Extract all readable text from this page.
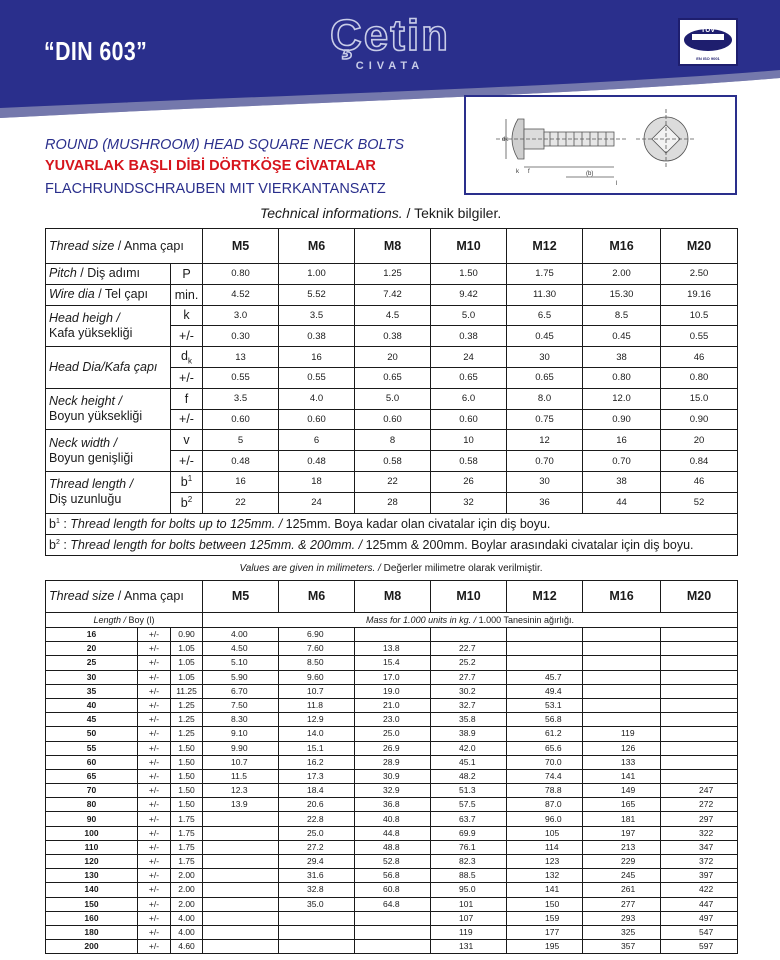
“DIN 603”	Çetin
CIVATA
TÜV
EN ISO 9001
ROUND (MUSHROOM) HEAD SQUARE NECK BOLTS
YUVARLAK BAŞLI DİBİ DÖRTKÖŞE CİVATALAR
FLACHRUNDSCHRAUBEN MIT VIERKANTANSATZ
dk
(b)
l
k f
Technical informations. / Teknik bilgiler.
Thread size / Anma çapı		M5	M6	M8	M10	M12	M16	M20
Pitch / Diş adımı	P	0.80	1.00	1.25	1.50	1.75	2.00	2.50
Wire dia / Tel çapı	min.	4.52	5.52	7.42	9.42	11.30	15.30	19.16
Head heigh /
Kafa yüksekliği	k	3.0	3.5	4.5	5.0	6.5	8.5	10.5
	+/-	0.30	0.38	0.38	0.38	0.45	0.45	0.55
Head Dia/Kafa çapı	$d_k$	13	16	20	24	30	38	46
	+/-	0.55	0.55	0.65	0.65	0.65	0.80	0.80
Neck height /
Boyun yüksekliği	f	3.5	4.0	5.0	6.0	8.0	12.0	15.0
	+/-	0.60	0.60	0.60	0.60	0.75	0.90	0.90
Neck width /
Boyun genişliği	v	5	6	8	10	12	16	20
	+/-	0.48	0.48	0.58	0.58	0.70	0.70	0.84
Thread length /
Diş uzunluğu	$b^1$	16	18	22	26	30	38	46
	$b^2$	22	24	28	32	36	44	52
$b^1$ : Thread length for bolts up to 125mm. / 125mm. Boya kadar olan civatalar için diş boyu.								
$b^2$ : Thread length for bolts between 125mm. & 200mm. / 125mm & 200mm. Boylar arasındaki civatalar için diş boyu.								
Values are given in milimeters. / Değerler milimetre olarak verilmiştir.
Thread size / Anma çapı			M5	M6	M8	M10	M12	M16	M20
Length / Boy (l)			Mass for 1.000 units in kg. / 1.000 Tanesinin ağırlığı.						
16	+/-	0.90	4.00	6.90					
20	+/-	1.05	4.50	7.60	13.8	22.7			
25	+/-	1.05	5.10	8.50	15.4	25.2			
30	+/-	1.05	5.90	9.60	17.0	27.7	45.7		
35	+/-	11.25	6.70	10.7	19.0	30.2	49.4		
40	+/-	1.25	7.50	11.8	21.0	32.7	53.1		
45	+/-	1.25	8.30	12.9	23.0	35.8	56.8		
50	+/-	1.25	9.10	14.0	25.0	38.9	61.2	119	
55	+/-	1.50	9.90	15.1	26.9	42.0	65.6	126	
60	+/-	1.50	10.7	16.2	28.9	45.1	70.0	133	
65	+/-	1.50	11.5	17.3	30.9	48.2	74.4	141	
70	+/-	1.50	12.3	18.4	32.9	51.3	78.8	149	247
80	+/-	1.50	13.9	20.6	36.8	57.5	87.0	165	272
90	+/-	1.75		22.8	40.8	63.7	96.0	181	297
100	+/-	1.75		25.0	44.8	69.9	105	197	322
110	+/-	1.75		27.2	48.8	76.1	114	213	347
120	+/-	1.75		29.4	52.8	82.3	123	229	372
130	+/-	2.00		31.6	56.8	88.5	132	245	397
140	+/-	2.00		32.8	60.8	95.0	141	261	422
150	+/-	2.00		35.0	64.8	101	150	277	447
160	+/-	4.00				107	159	293	497
180	+/-	4.00				119	177	325	547
200	+/-	4.60				131	195	357	597
